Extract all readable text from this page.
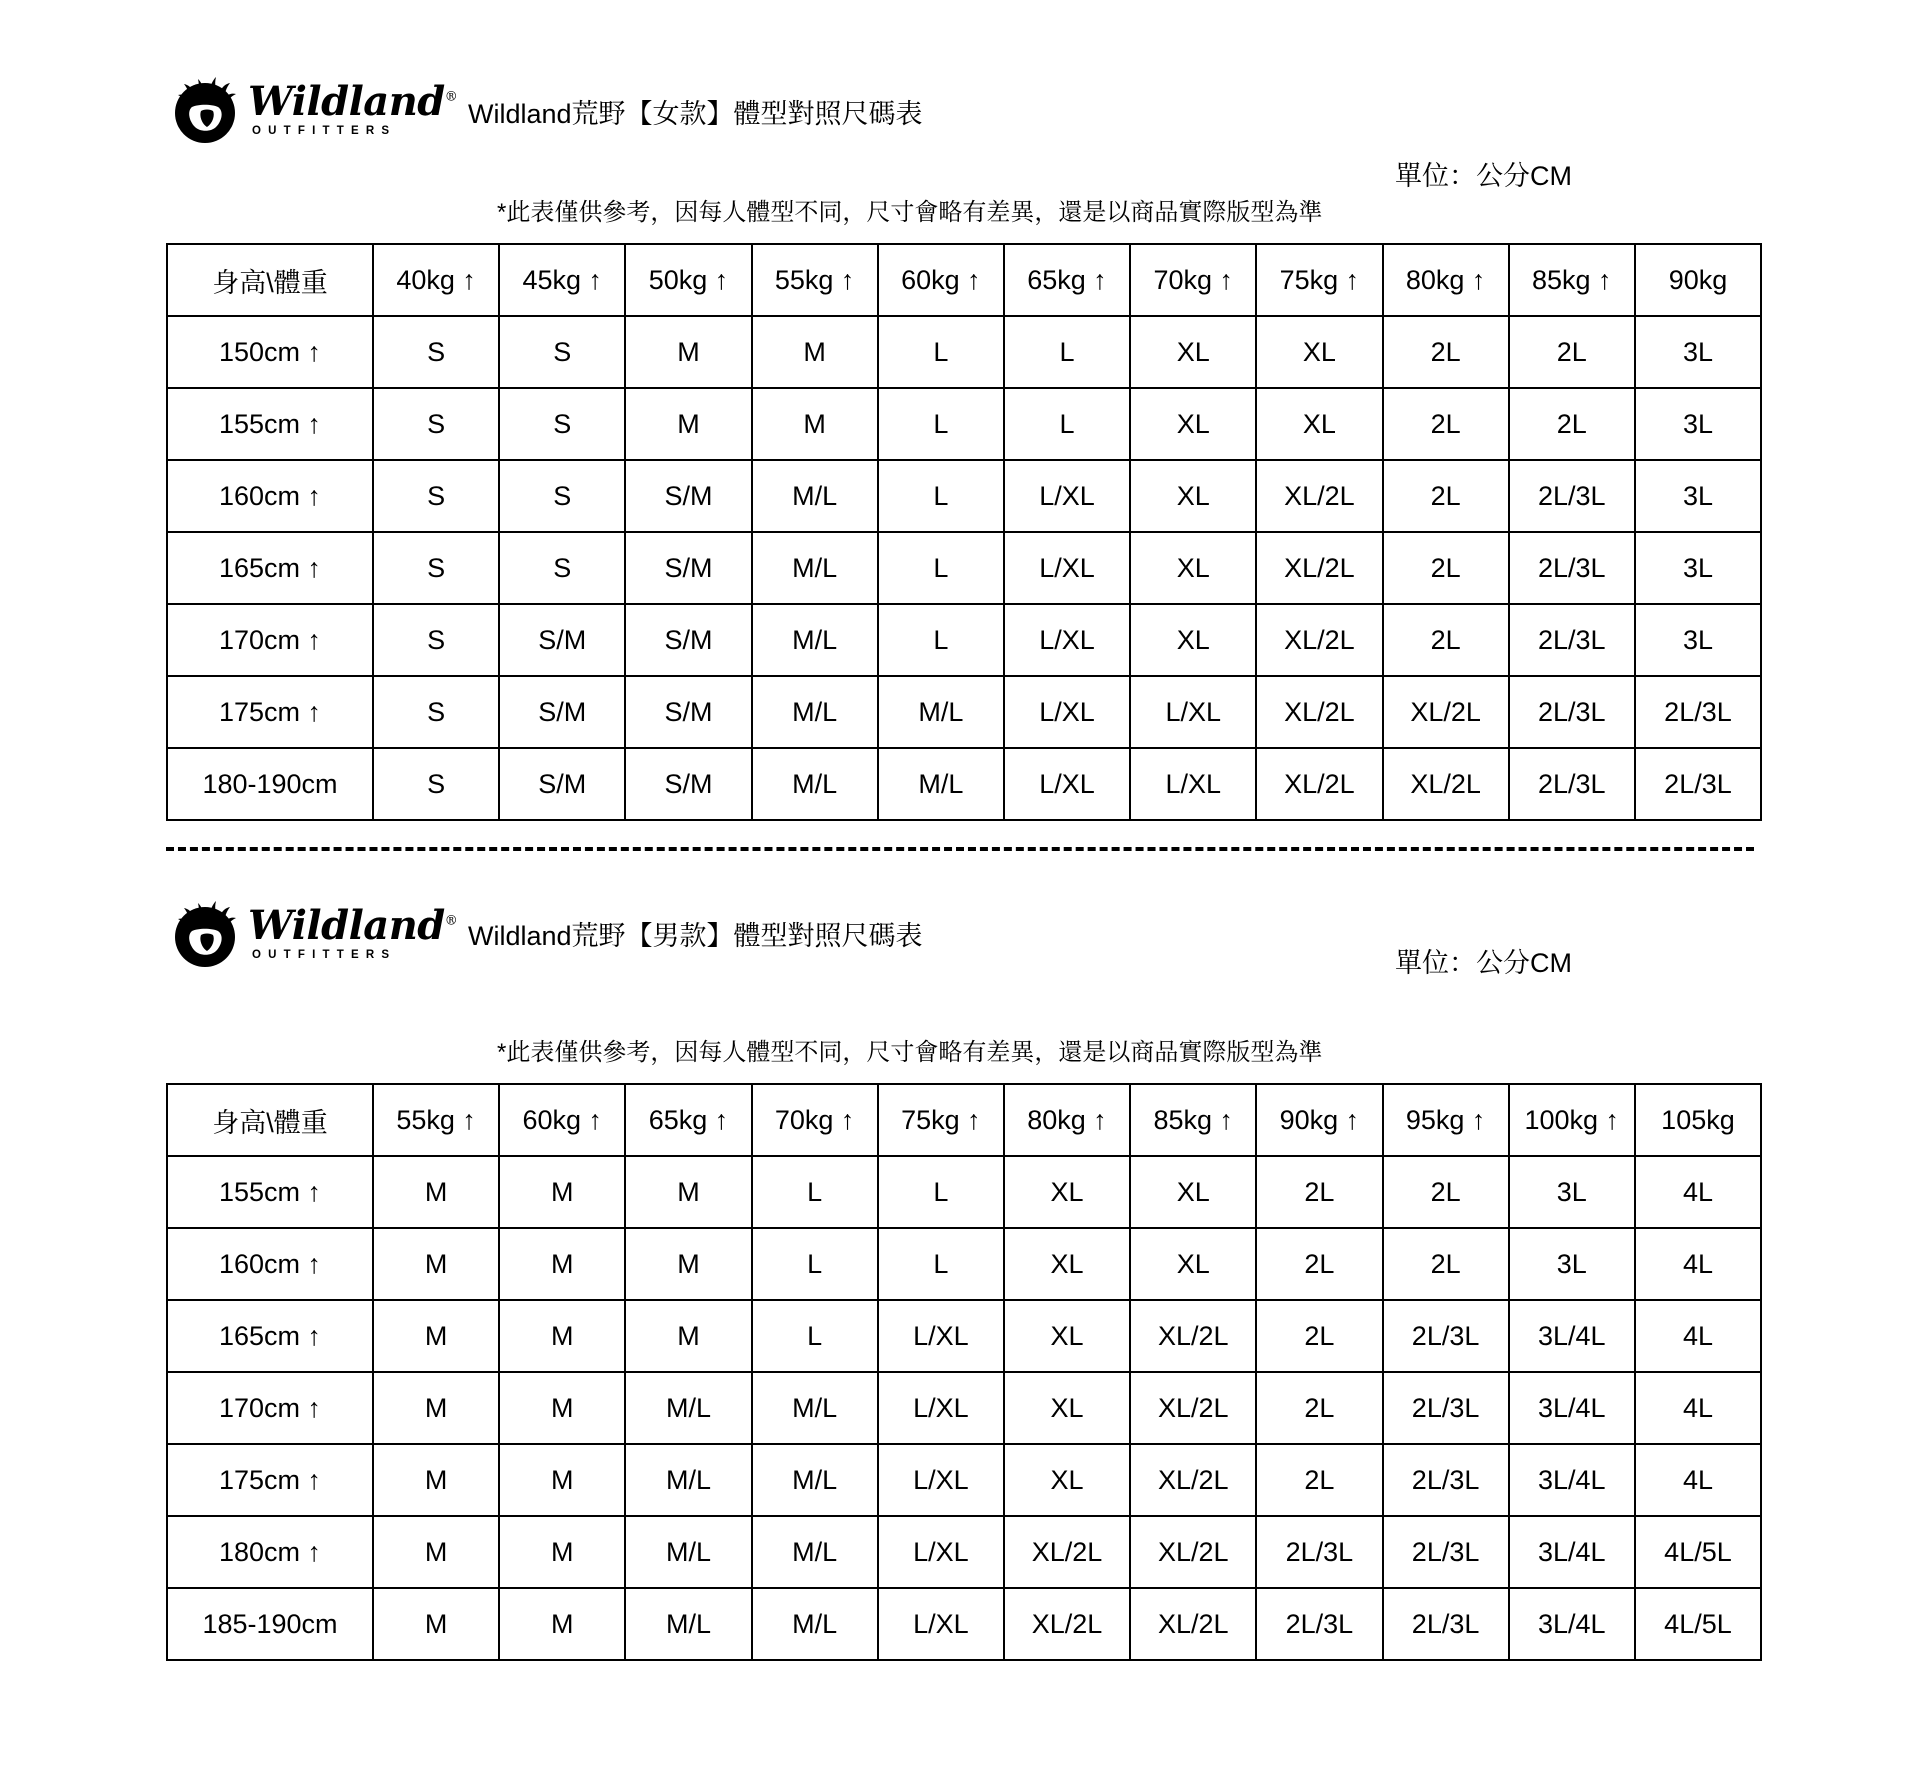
Wildland®
OUTFITTERS
Wildland荒野【女款】體型對照尺碼表
單位：公分CM
*此表僅供參考，因每人體型不同，尺寸會略有差異，還是以商品實際版型為準
身高\體重	40kg ↑	45kg ↑	50kg ↑	55kg ↑	60kg ↑	65kg ↑	70kg ↑	75kg ↑	80kg ↑	85kg ↑	90kg
150cm ↑	S	S	M	M	L	L	XL	XL	2L	2L	3L
155cm ↑	S	S	M	M	L	L	XL	XL	2L	2L	3L
160cm ↑	S	S	S/M	M/L	L	L/XL	XL	XL/2L	2L	2L/3L	3L
165cm ↑	S	S	S/M	M/L	L	L/XL	XL	XL/2L	2L	2L/3L	3L
170cm ↑	S	S/M	S/M	M/L	L	L/XL	XL	XL/2L	2L	2L/3L	3L
175cm ↑	S	S/M	S/M	M/L	M/L	L/XL	L/XL	XL/2L	XL/2L	2L/3L	2L/3L
180-190cm	S	S/M	S/M	M/L	M/L	L/XL	L/XL	XL/2L	XL/2L	2L/3L	2L/3L
Wildland®
OUTFITTERS
Wildland荒野【男款】體型對照尺碼表
單位：公分CM
*此表僅供參考，因每人體型不同，尺寸會略有差異，還是以商品實際版型為準
身高\體重	55kg ↑	60kg ↑	65kg ↑	70kg ↑	75kg ↑	80kg ↑	85kg ↑	90kg ↑	95kg ↑	100kg ↑	105kg
155cm ↑	M	M	M	L	L	XL	XL	2L	2L	3L	4L
160cm ↑	M	M	M	L	L	XL	XL	2L	2L	3L	4L
165cm ↑	M	M	M	L	L/XL	XL	XL/2L	2L	2L/3L	3L/4L	4L
170cm ↑	M	M	M/L	M/L	L/XL	XL	XL/2L	2L	2L/3L	3L/4L	4L
175cm ↑	M	M	M/L	M/L	L/XL	XL	XL/2L	2L	2L/3L	3L/4L	4L
180cm ↑	M	M	M/L	M/L	L/XL	XL/2L	XL/2L	2L/3L	2L/3L	3L/4L	4L/5L
185-190cm	M	M	M/L	M/L	L/XL	XL/2L	XL/2L	2L/3L	2L/3L	3L/4L	4L/5L
